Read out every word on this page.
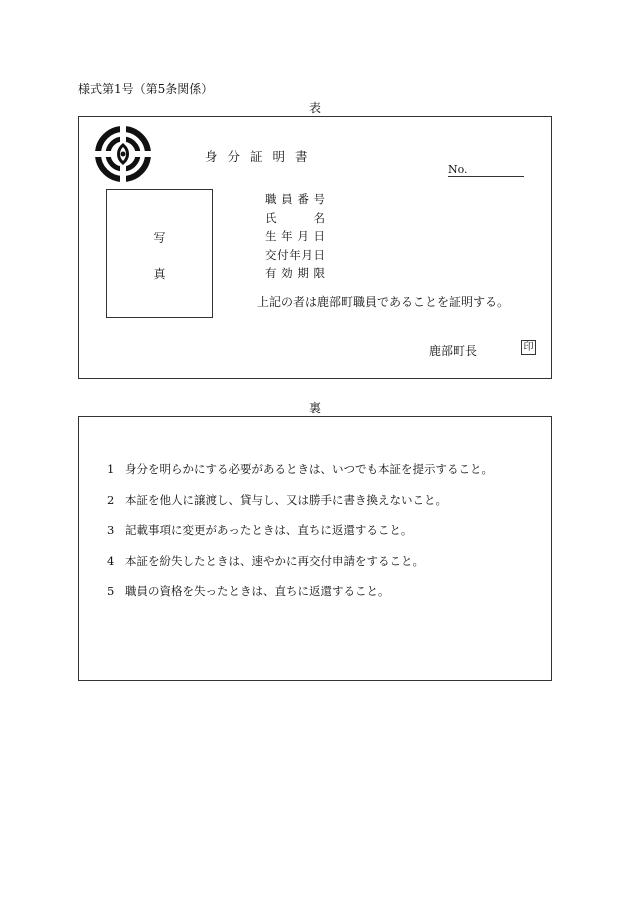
様式第1号（第5条関係）
表
身分証明書
No.
写
真
職員番号
氏名
生年月日
交付年月日
有効期限
上記の者は鹿部町職員であることを証明する。
鹿部町長	印
裏
1 身分を明らかにする必要があるときは、いつでも本証を提示すること。
2 本証を他人に譲渡し、貸与し、又は勝手に書き換えないこと。
3 記載事項に変更があったときは、直ちに返還すること。
4 本証を紛失したときは、速やかに再交付申請をすること。
5 職員の資格を失ったときは、直ちに返還すること。
